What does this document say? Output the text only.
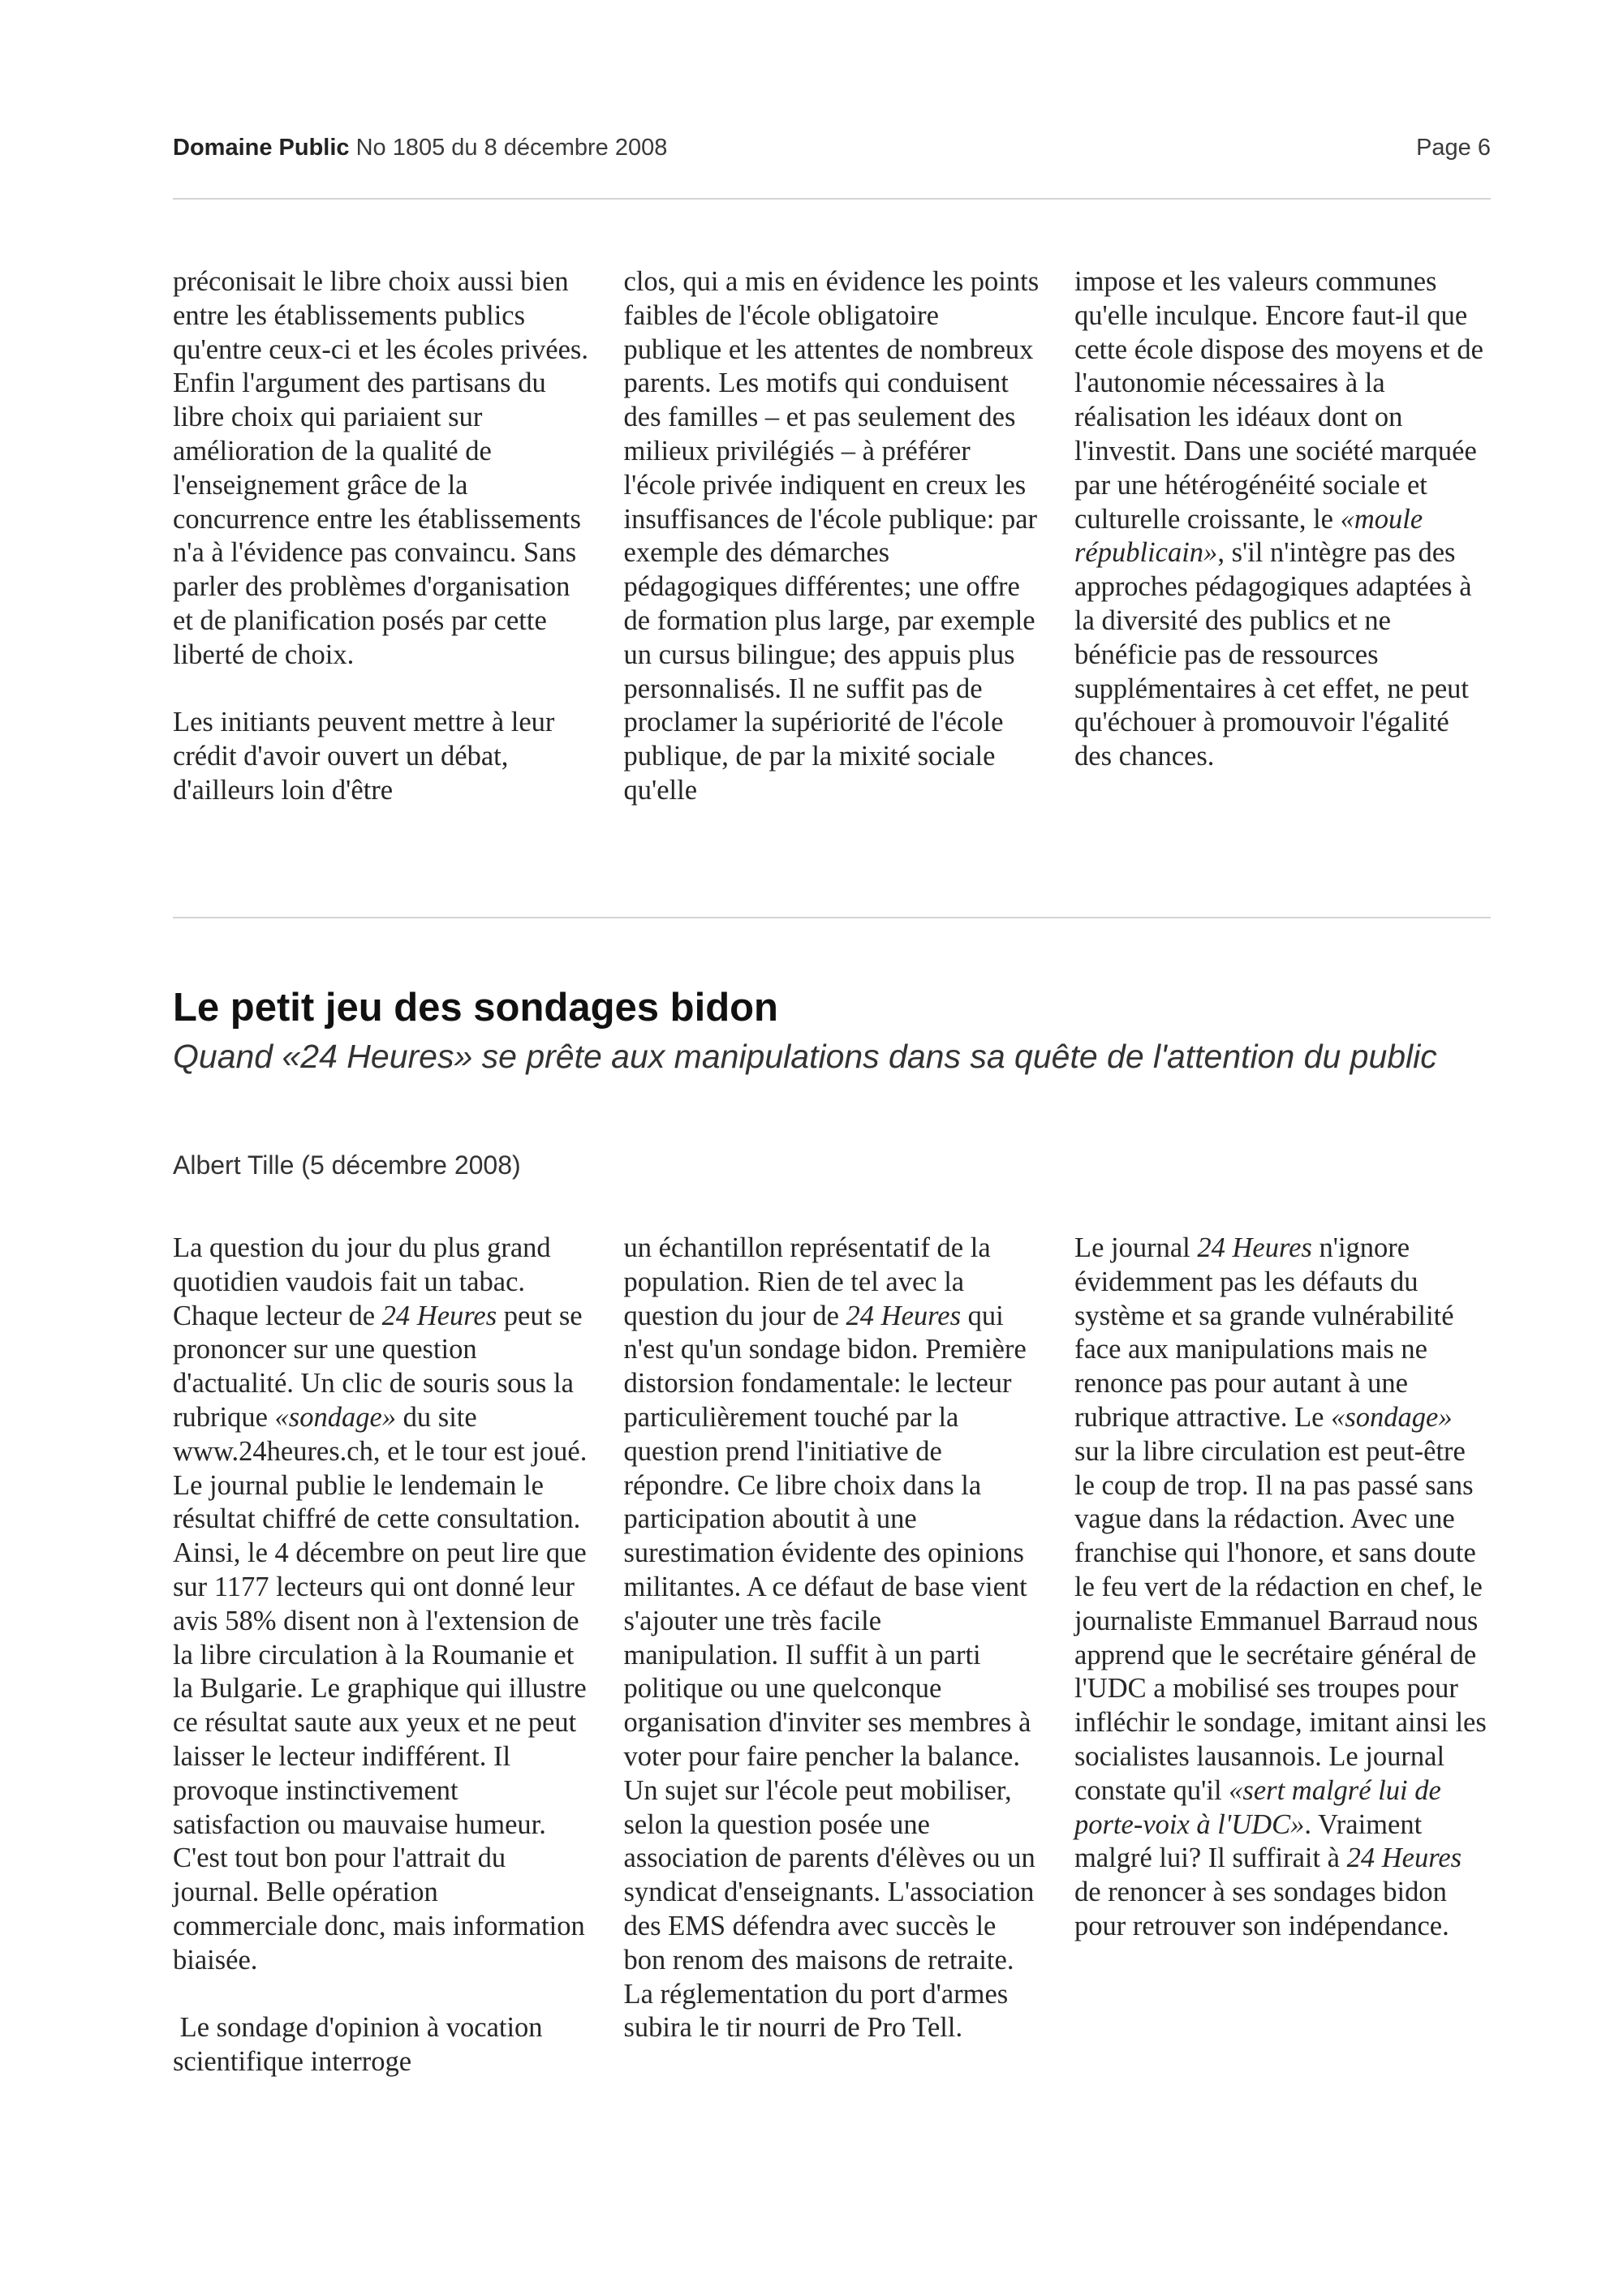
Domaine Public No 1805 du 8 décembre 2008	Page 6

préconisait le libre choix aussi bien entre les établissements publics qu'entre ceux-ci et les écoles privées. Enfin l'argument des partisans du libre choix qui pariaient sur amélioration de la qualité de l'enseignement grâce de la concurrence entre les établissements n'a à l'évidence pas convaincu. Sans parler des problèmes d'organisation et de planification posés par cette liberté de choix.

Les initiants peuvent mettre à leur crédit d'avoir ouvert un débat, d'ailleurs loin d'être

clos, qui a mis en évidence les points faibles de l'école obligatoire publique et les attentes de nombreux parents. Les motifs qui conduisent des familles – et pas seulement des milieux privilégiés – à préférer l'école privée indiquent en creux les insuffisances de l'école publique: par exemple des démarches pédagogiques différentes; une offre de formation plus large, par exemple un cursus bilingue; des appuis plus personnalisés. Il ne suffit pas de proclamer la supériorité de l'école publique, de par la mixité sociale qu'elle

impose et les valeurs communes qu'elle inculque. Encore faut-il que cette école dispose des moyens et de l'autonomie nécessaires à la réalisation les idéaux dont on l'investit. Dans une société marquée par une hétérogénéité sociale et culturelle croissante, le «moule républicain», s'il n'intègre pas des approches pédagogiques adaptées à la diversité des publics et ne bénéficie pas de ressources supplémentaires à cet effet, ne peut qu'échouer à promouvoir l'égalité des chances.

Le petit jeu des sondages bidon
Quand «24 Heures» se prête aux manipulations dans sa quête de l'attention du public
Albert Tille (5 décembre 2008)

La question du jour du plus grand quotidien vaudois fait un tabac. Chaque lecteur de 24 Heures peut se prononcer sur une question d'actualité. Un clic de souris sous la rubrique «sondage» du site www.24heures.ch, et le tour est joué. Le journal publie le lendemain le résultat chiffré de cette consultation. Ainsi, le 4 décembre on peut lire que sur 1177 lecteurs qui ont donné leur avis 58% disent non à l'extension de la libre circulation à la Roumanie et la Bulgarie. Le graphique qui illustre ce résultat saute aux yeux et ne peut laisser le lecteur indifférent. Il provoque instinctivement satisfaction ou mauvaise humeur. C'est tout bon pour l'attrait du journal. Belle opération commerciale donc, mais information biaisée.

Le sondage d'opinion à vocation scientifique interroge

un échantillon représentatif de la population. Rien de tel avec la question du jour de 24 Heures qui n'est qu'un sondage bidon. Première distorsion fondamentale: le lecteur particulièrement touché par la question prend l'initiative de répondre. Ce libre choix dans la participation aboutit à une surestimation évidente des opinions militantes. A ce défaut de base vient s'ajouter une très facile manipulation. Il suffit à un parti politique ou une quelconque organisation d'inviter ses membres à voter pour faire pencher la balance. Un sujet sur l'école peut mobiliser, selon la question posée une association de parents d'élèves ou un syndicat d'enseignants. L'association des EMS défendra avec succès le bon renom des maisons de retraite. La réglementation du port d'armes subira le tir nourri de Pro Tell.

Le journal 24 Heures n'ignore évidemment pas les défauts du système et sa grande vulnérabilité face aux manipulations mais ne renonce pas pour autant à une rubrique attractive. Le «sondage» sur la libre circulation est peut-être le coup de trop. Il na pas passé sans vague dans la rédaction. Avec une franchise qui l'honore, et sans doute le feu vert de la rédaction en chef, le journaliste Emmanuel Barraud nous apprend que le secrétaire général de l'UDC a mobilisé ses troupes pour infléchir le sondage, imitant ainsi les socialistes lausannois. Le journal constate qu'il «sert malgré lui de porte-voix à l'UDC». Vraiment malgré lui? Il suffirait à 24 Heures de renoncer à ses sondages bidon pour retrouver son indépendance.
